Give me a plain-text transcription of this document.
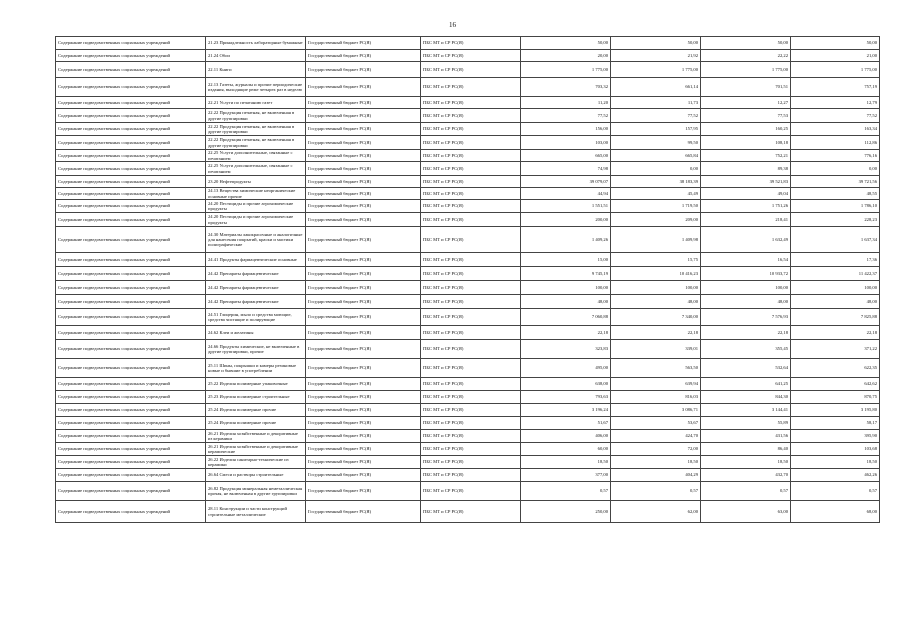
16
Содержание подведомственных социальных учреждений	21.23 Принадлежность лабораторные бумажные	Государственный бюджет РС(Я)	ПБС МТ и СР РС(Я)	50,00	50,00	50,00	50,00
Содержание подведомственных социальных учреждений	21.24 Обои	Государственный бюджет РС(Я)	ПБС МТ и СР РС(Я)	20,00	21,92	22,22	21,00
Содержание подведомственных социальных учреждений	22.11 Книги	Государственный бюджет РС(Я)	ПБС МТ и СР РС(Я)	1 775,00	1 775,00	1 775,00	1 775,00
Содержание подведомственных социальных учреждений	22.13 Газеты, журналы и прочие периодические издания, выходящие реже четырех раз в неделю	Государственный бюджет РС(Я)	ПБС МТ и СР РС(Я)	703,32	661,14	701,51	757,19
Содержание подведомственных социальных учреждений	22.21 Услуги по печатанию газет	Государственный бюджет РС(Я)	ПБС МТ и СР РС(Я)	11,20	11,73	12,27	12,79
Содержание подведомственных социальных учреждений	22.22 Продукция печатная, не включенная в другие группировки	Государственный бюджет РС(Я)	ПБС МТ и СР РС(Я)	77,52	77,52	77,53	77,52
Содержание подведомственных социальных учреждений	22.22 Продукция печатная, не включенная в другие группировки	Государственный бюджет РС(Я)	ПБС МТ и СР РС(Я)	156,00	157,95	160,25	163,34
Содержание подведомственных социальных учреждений	22.22 Продукция печатная, не включенная в другие группировки	Государственный бюджет РС(Я)	ПБС МТ и СР РС(Я)	103,00	99,50	108,18	112,86
Содержание подведомственных социальных учреждений	22.25 Услуги дополнительные, связанные с печатанием	Государственный бюджет РС(Я)	ПБС МТ и СР РС(Я)	665,00	665,84	752,21	776,16
Содержание подведомственных социальных учреждений	22.25 Услуги дополнительные, связанные с печатанием	Государственный бюджет РС(Я)	ПБС МТ и СР РС(Я)	74,98	0,00	89,38	0,00
Содержание подведомственных социальных учреждений	23.20 Нефтепродукты	Государственный бюджет РС(Я)	ПБС МТ и СР РС(Я)	39 079,07	38 183,39	39 521,83	39 721,56
Содержание подведомственных социальных учреждений	24.13 Вещества химические неорганические основные прочие	Государственный бюджет РС(Я)	ПБС МТ и СР РС(Я)	44,94	45,49	49,04	48,55
Содержание подведомственных социальных учреждений	24.20 Пестициды и прочие агрохимические продукты	Государственный бюджет РС(Я)	ПБС МТ и СР РС(Я)	1 551,51	1 719,50	1 751,26	1 786,10
Содержание подведомственных социальных учреждений	24.20 Пестициды и прочие агрохимические продукты	Государственный бюджет РС(Я)	ПБС МТ и СР РС(Я)	200,00	209,00	218,41	228,23
Содержание подведомственных социальных учреждений	24.30 Материалы лакокрасочные и аналогичные для нанесения покрытий, краски и мастики полиграфические	Государственный бюджет РС(Я)	ПБС МТ и СР РС(Я)	1 409,26	1 409,98	1 632,49	1 637,34
Содержание подведомственных социальных учреждений	24.41 Продукты фармацевтические основные	Государственный бюджет РС(Я)	ПБС МТ и СР РС(Я)	15,00	15,75	16,54	17,36
Содержание подведомственных социальных учреждений	24.42 Препараты фармацевтические	Государственный бюджет РС(Я)	ПБС МТ и СР РС(Я)	9 745,19	10 416,23	10 933,72	11 422,37
Содержание подведомственных социальных учреждений	24.42 Препараты фармацевтические	Государственный бюджет РС(Я)	ПБС МТ и СР РС(Я)	100,00	100,00	100,00	100,00
Содержание подведомственных социальных учреждений	24.42 Препараты фармацевтические	Государственный бюджет РС(Я)	ПБС МТ и СР РС(Я)	48,00	48,00	48,00	48,00
Содержание подведомственных социальных учреждений	24.51 Глицерин, мыло и средства моющие, средства чистящие и полирующие	Государственный бюджет РС(Я)	ПБС МТ и СР РС(Я)	7 060,88	7 340,00	7 576,93	7 825,88
Содержание подведомственных социальных учреждений	24.62 Клеи и желатины	Государственный бюджет РС(Я)	ПБС МТ и СР РС(Я)	22,18	22,18	22,18	22,18
Содержание подведомственных социальных учреждений	24.66 Продукты химические, не включенные в другие группировки, прочие	Государственный бюджет РС(Я)	ПБС МТ и СР РС(Я)	323,83	339,01	355,45	371,22
Содержание подведомственных социальных учреждений	25.11 Шины, покрышки и камеры резиновые новые и бывшие в употреблении	Государственный бюджет РС(Я)	ПБС МТ и СР РС(Я)	495,00	563,50	532,64	622,35
Содержание подведомственных социальных учреждений	25.22 Изделия полимерные упаковочные	Государственный бюджет РС(Я)	ПБС МТ и СР РС(Я)	638,00	639,94	641,25	642,62
Содержание подведомственных социальных учреждений	25.23 Изделия полимерные строительные	Государственный бюджет РС(Я)	ПБС МТ и СР РС(Я)	793,63	816,03	844,30	870,75
Содержание подведомственных социальных учреждений	25.24 Изделия полимерные прочие	Государственный бюджет РС(Я)	ПБС МТ и СР РС(Я)	3 196,24	3 086,71	3 144,41	3 195,80
Содержание подведомственных социальных учреждений	25.24 Изделия полимерные прочие	Государственный бюджет РС(Я)	ПБС МТ и СР РС(Я)	51,67	53,67	55,89	58,17
Содержание подведомственных социальных учреждений	26.21 Изделия хозяйственные и декоративные из керамики	Государственный бюджет РС(Я)	ПБС МТ и СР РС(Я)	406,00	424,70	431,56	395,90
Содержание подведомственных социальных учреждений	26.21 Изделия хозяйственные и декоративные керамические	Государственный бюджет РС(Я)	ПБС МТ и СР РС(Я)	60,00	72,00	86,40	103,68
Содержание подведомственных социальных учреждений	26.22 Изделия санитарно-технические из керамики	Государственный бюджет РС(Я)	ПБС МТ и СР РС(Я)	18,50	18,50	18,50	18,50
Содержание подведомственных социальных учреждений	26.64 Смеси и растворы строительные	Государственный бюджет РС(Я)	ПБС МТ и СР РС(Я)	377,00	404,29	432,70	462,26
Содержание подведомственных социальных учреждений	26.82 Продукция минеральная неметаллическая прочая, не включенная в другие группировки	Государственный бюджет РС(Я)	ПБС МТ и СР РС(Я)	0,57	0,57	0,57	0,57
Содержание подведомственных социальных учреждений	28.11 Конструкции и части конструкций строительные металлические	Государственный бюджет РС(Я)	ПБС МТ и СР РС(Я)	250,00	62,00	63,00	68,00
